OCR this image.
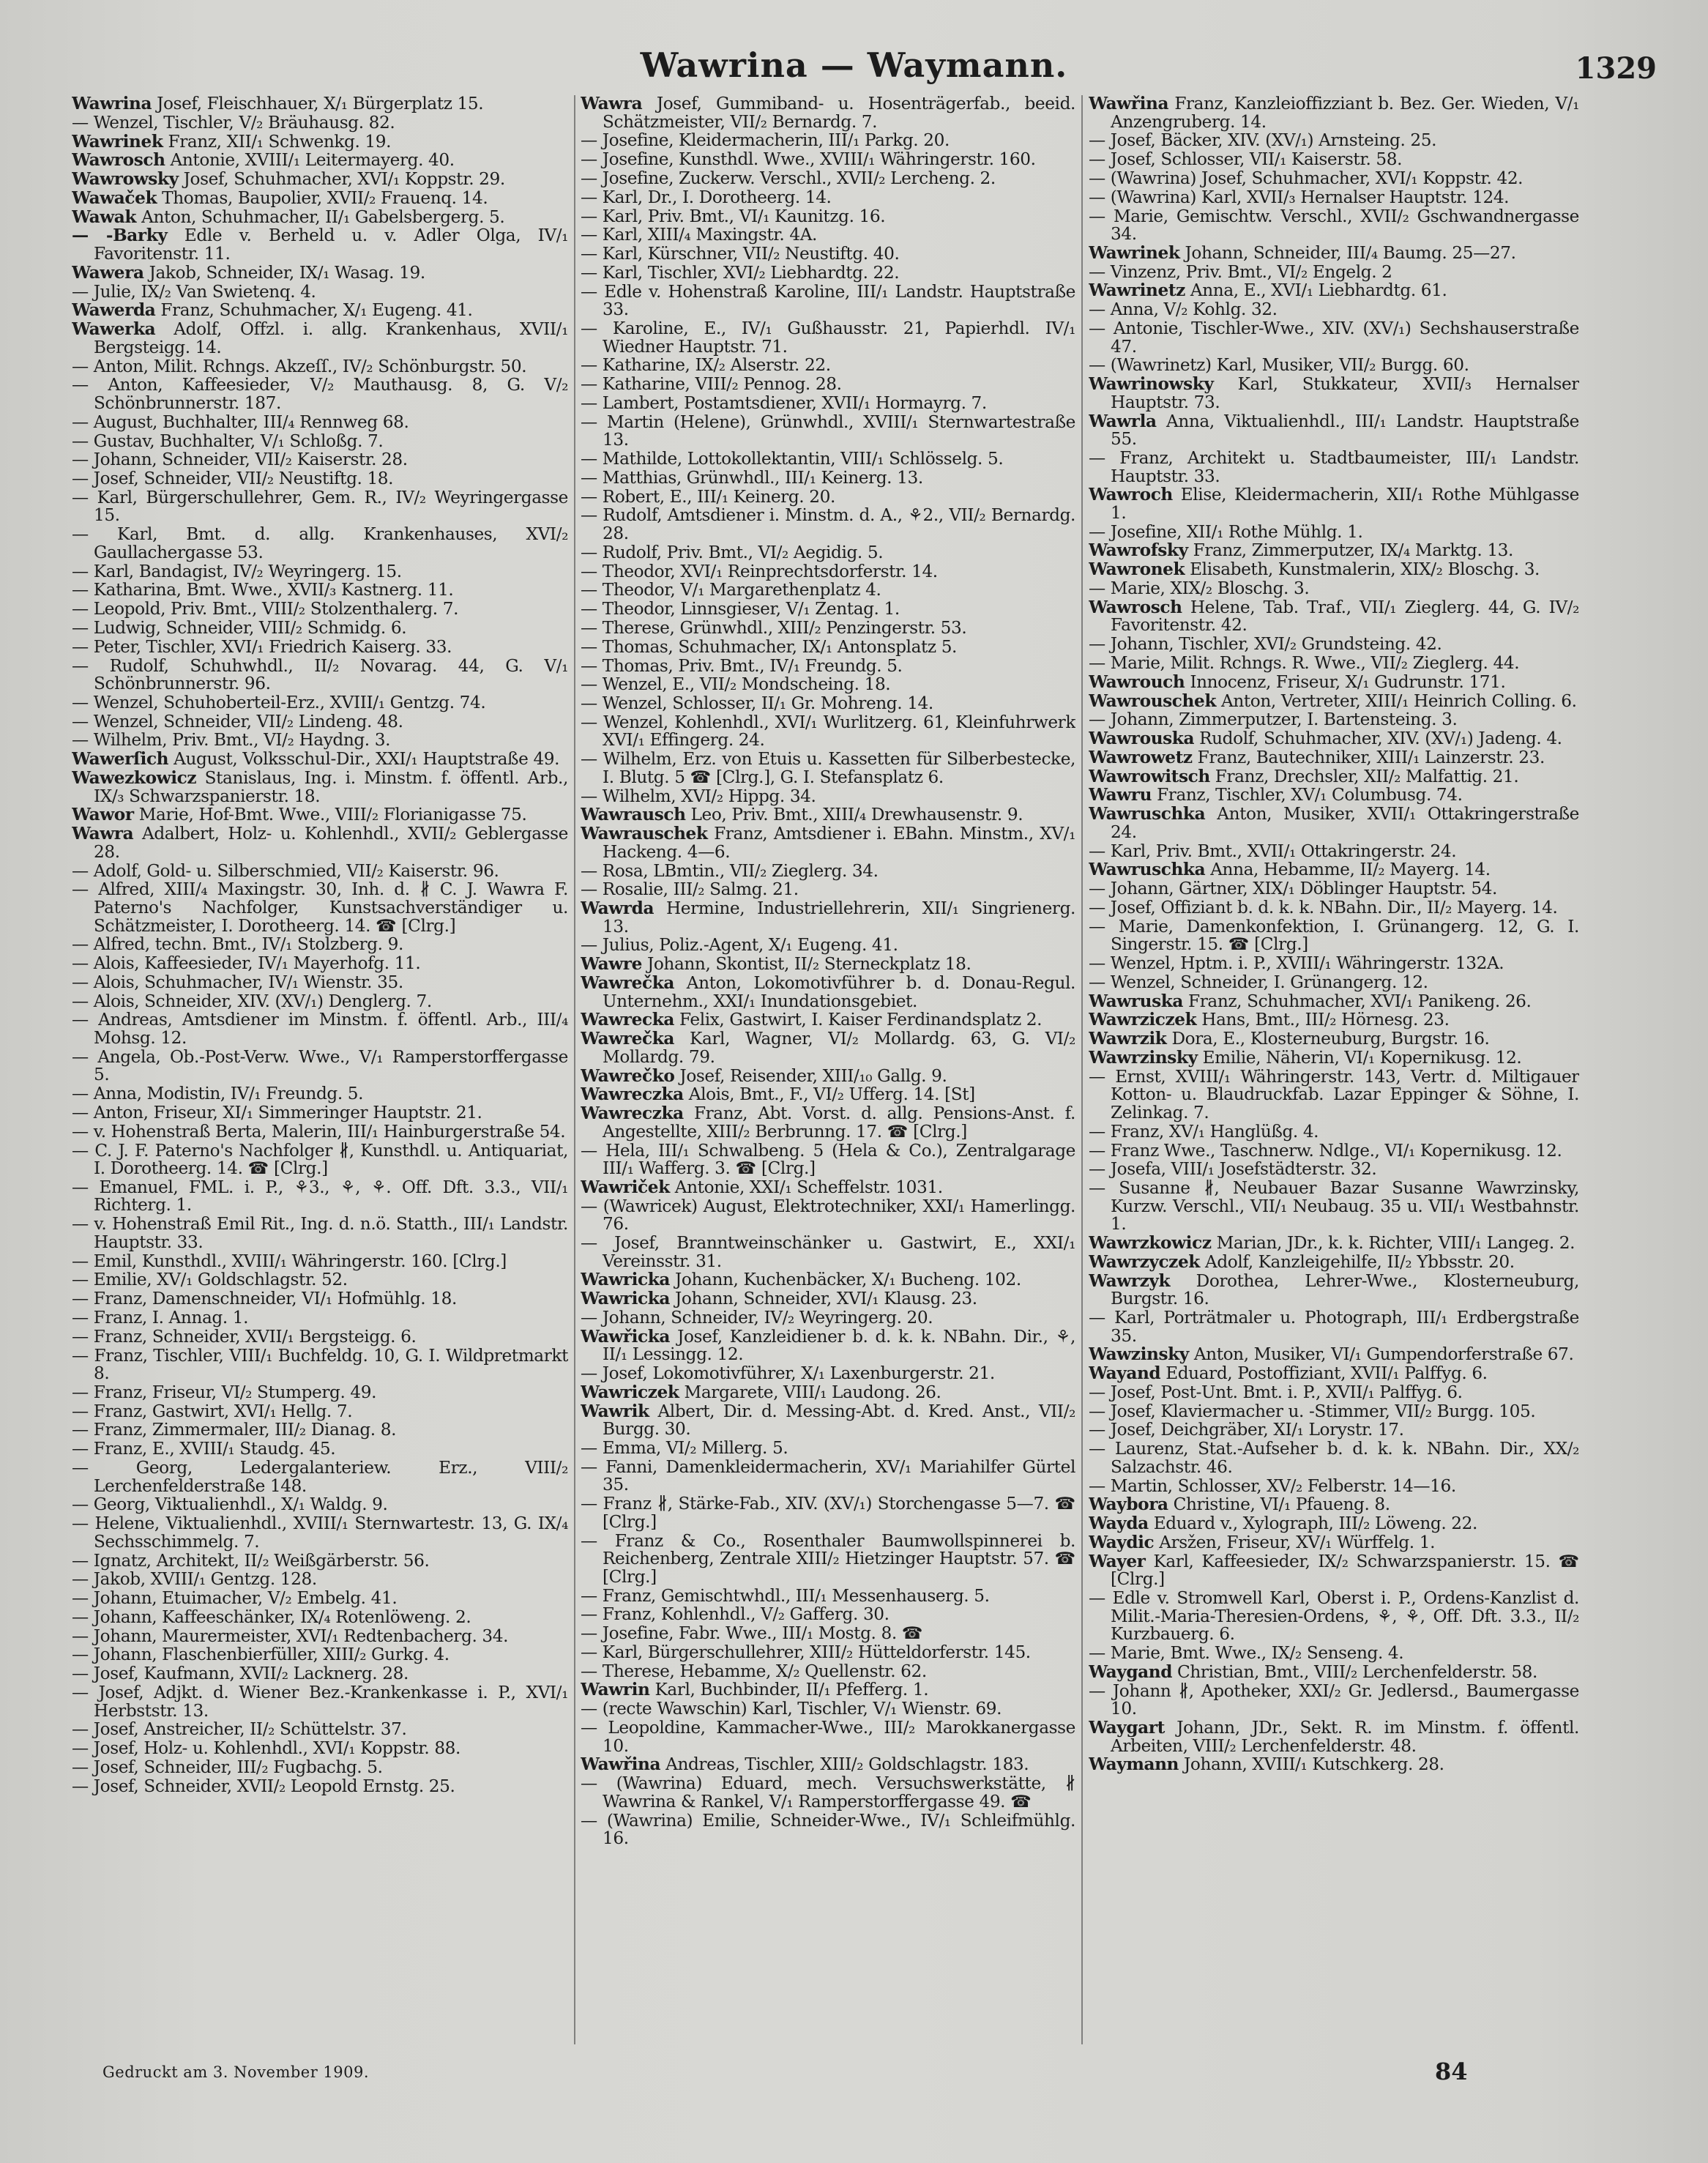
Wawrina — Waymann.	1329
Wawrina Josef, Fleischhauer, X/₁ Bürgerplatz 15.
— Wenzel, Tischler, V/₂ Bräuhausg. 82.
Wawrinek Franz, XII/₁ Schwenkg. 19.
Wawrosch Antonie, XVIII/₁ Leitermayerg. 40.
Wawrowsky Josef, Schuhmacher, XVI/₁ Koppstr. 29.
Wawaček Thomas, Baupolier, XVII/₂ Frauenq. 14.
Wawak Anton, Schuhmacher, II/₁ Gabelsbergerg. 5.
— -Barky Edle v. Berheld u. v. Adler Olga, IV/₁ Favoritenstr. 11.
Wawera Jakob, Schneider, IX/₁ Wasag. 19.
— Julie, IX/₂ Van Swietenq. 4.
Wawerda Franz, Schuhmacher, X/₁ Eugeng. 41.
Wawerka Adolf, Offzl. i. allg. Krankenhaus, XVII/₁ Bergsteigg. 14.
— Anton, Milit. Rchngs. Akzeſſ., IV/₂ Schönburgstr. 50.
— Anton, Kaffeesieder, V/₂ Mauthausg. 8, G. V/₂ Schönbrunnerstr. 187.
— August, Buchhalter, III/₄ Rennweg 68.
— Gustav, Buchhalter, V/₁ Schloßg. 7.
— Johann, Schneider, VII/₂ Kaiserstr. 28.
— Josef, Schneider, VII/₂ Neustiftg. 18.
— Karl, Bürgerschullehrer, Gem. R., IV/₂ Weyringergasse 15.
— Karl, Bmt. d. allg. Krankenhauses, XVI/₂ Gaullachergasse 53.
— Karl, Bandagist, IV/₂ Weyringerg. 15.
— Katharina, Bmt. Wwe., XVII/₃ Kastnerg. 11.
— Leopold, Priv. Bmt., VIII/₂ Stolzenthalerg. 7.
— Ludwig, Schneider, VIII/₂ Schmidg. 6.
— Peter, Tischler, XVI/₁ Friedrich Kaiserg. 33.
— Rudolf, Schuhwhdl., II/₂ Novarag. 44, G. V/₁ Schönbrunnerstr. 96.
— Wenzel, Schuhoberteil-Erz., XVIII/₁ Gentzg. 74.
— Wenzel, Schneider, VII/₂ Lindeng. 48.
— Wilhelm, Priv. Bmt., VI/₂ Haydng. 3.
Wawerſich August, Volksschul-Dir., XXI/₁ Hauptstraße 49.
Wawezkowicz Stanislaus, Ing. i. Minstm. f. öffentl. Arb., IX/₃ Schwarzspanierstr. 18.
Wawor Marie, Hof-Bmt. Wwe., VIII/₂ Florianigasse 75.
Wawra Adalbert, Holz- u. Kohlenhdl., XVII/₂ Geblergasse 28.
— Adolf, Gold- u. Silberschmied, VII/₂ Kaiserstr. 96.
— Alfred, XIII/₄ Maxingstr. 30, Inh. d. ∦ C. J. Wawra F. Paterno's Nachfolger, Kunstsachverständiger u. Schätzmeister, I. Dorotheerg. 14. ☎ [Clrg.]
— Alfred, techn. Bmt., IV/₁ Stolzberg. 9.
— Alois, Kaffeesieder, IV/₁ Mayerhofg. 11.
— Alois, Schuhmacher, IV/₁ Wienstr. 35.
— Alois, Schneider, XIV. (XV/₁) Denglerg. 7.
— Andreas, Amtsdiener im Minstm. f. öffentl. Arb., III/₄ Mohsg. 12.
— Angela, Ob.-Post-Verw. Wwe., V/₁ Ramperstorffergasse 5.
— Anna, Modistin, IV/₁ Freundg. 5.
— Anton, Friseur, XI/₁ Simmeringer Hauptstr. 21.
— v. Hohenstraß Berta, Malerin, III/₁ Hainburgerstraße 54.
— C. J. F. Paterno's Nachfolger ∦, Kunsthdl. u. Antiquariat, I. Dorotheerg. 14. ☎ [Clrg.]
— Emanuel, FML. i. P., ⚘3., ⚘, ⚘. Off. Dft. 3.3., VII/₁ Richterg. 1.
— v. Hohenstraß Emil Rit., Ing. d. n.ö. Statth., III/₁ Landstr. Hauptstr. 33.
— Emil, Kunsthdl., XVIII/₁ Währingerstr. 160. [Clrg.]
— Emilie, XV/₁ Goldschlagstr. 52.
— Franz, Damenschneider, VI/₁ Hofmühlg. 18.
— Franz, I. Annag. 1.
— Franz, Schneider, XVII/₁ Bergsteigg. 6.
— Franz, Tischler, VIII/₁ Buchfeldg. 10, G. I. Wildpretmarkt 8.
— Franz, Friseur, VI/₂ Stumperg. 49.
— Franz, Gastwirt, XVI/₁ Hellg. 7.
— Franz, Zimmermaler, III/₂ Dianag. 8.
— Franz, E., XVIII/₁ Staudg. 45.
— Georg, Ledergalanteriew. Erz., VIII/₂ Lerchenfelderstraße 148.
— Georg, Viktualienhdl., X/₁ Waldg. 9.
— Helene, Viktualienhdl., XVIII/₁ Sternwartestr. 13, G. IX/₄ Sechsschimmelg. 7.
— Ignatz, Architekt, II/₂ Weißgärberstr. 56.
— Jakob, XVIII/₁ Gentzg. 128.
— Johann, Etuimacher, V/₂ Embelg. 41.
— Johann, Kaffeeschänker, IX/₄ Rotenlöweng. 2.
— Johann, Maurermeister, XVI/₁ Redtenbacherg. 34.
— Johann, Flaschenbierfüller, XIII/₂ Gurkg. 4.
— Josef, Kaufmann, XVII/₂ Lacknerg. 28.
— Josef, Adjkt. d. Wiener Bez.-Krankenkasse i. P., XVI/₁ Herbststr. 13.
— Josef, Anstreicher, II/₂ Schüttelstr. 37.
— Josef, Holz- u. Kohlenhdl., XVI/₁ Koppstr. 88.
— Josef, Schneider, III/₂ Fugbachg. 5.
— Josef, Schneider, XVII/₂ Leopold Ernstg. 25.
Wawra Josef, Gummiband- u. Hosenträgerfab., beeid. Schätzmeister, VII/₂ Bernardg. 7.
— Josefine, Kleidermacherin, III/₁ Parkg. 20.
— Josefine, Kunsthdl. Wwe., XVIII/₁ Währingerstr. 160.
— Josefine, Zuckerw. Verschl., XVII/₂ Lercheng. 2.
— Karl, Dr., I. Dorotheerg. 14.
— Karl, Priv. Bmt., VI/₁ Kaunitzg. 16.
— Karl, XIII/₄ Maxingstr. 4A.
— Karl, Kürschner, VII/₂ Neustiftg. 40.
— Karl, Tischler, XVI/₂ Liebhardtg. 22.
— Edle v. Hohenstraß Karoline, III/₁ Landstr. Hauptstraße 33.
— Karoline, E., IV/₁ Gußhausstr. 21, Papierhdl. IV/₁ Wiedner Hauptstr. 71.
— Katharine, IX/₂ Alserstr. 22.
— Katharine, VIII/₂ Pennog. 28.
— Lambert, Postamtsdiener, XVII/₁ Hormayrg. 7.
— Martin (Helene), Grünwhdl., XVIII/₁ Sternwartestraße 13.
— Mathilde, Lottokollektantin, VIII/₁ Schlösselg. 5.
— Matthias, Grünwhdl., III/₁ Keinerg. 13.
— Robert, E., III/₁ Keinerg. 20.
— Rudolf, Amtsdiener i. Minstm. d. A., ⚘2., VII/₂ Bernardg. 28.
— Rudolf, Priv. Bmt., VI/₂ Aegidig. 5.
— Theodor, XVI/₁ Reinprechtsdorferstr. 14.
— Theodor, V/₁ Margarethenplatz 4.
— Theodor, Linnsgieser, V/₁ Zentag. 1.
— Therese, Grünwhdl., XIII/₂ Penzingerstr. 53.
— Thomas, Schuhmacher, IX/₁ Antonsplatz 5.
— Thomas, Priv. Bmt., IV/₁ Freundg. 5.
— Wenzel, E., VII/₂ Mondscheing. 18.
— Wenzel, Schlosser, II/₁ Gr. Mohreng. 14.
— Wenzel, Kohlenhdl., XVI/₁ Wurlitzerg. 61, Kleinfuhrwerk XVI/₁ Effingerg. 24.
— Wilhelm, Erz. von Etuis u. Kassetten für Silberbestecke, I. Blutg. 5 ☎ [Clrg.], G. I. Stefansplatz 6.
— Wilhelm, XVI/₂ Hippg. 34.
Wawrausch Leo, Priv. Bmt., XIII/₄ Drewhausenstr. 9.
Wawrauschek Franz, Amtsdiener i. EBahn. Minstm., XV/₁ Hackeng. 4—6.
— Rosa, LBmtin., VII/₂ Zieglerg. 34.
— Rosalie, III/₂ Salmg. 21.
Wawrda Hermine, Industriellehrerin, XII/₁ Singrienerg. 13.
— Julius, Poliz.-Agent, X/₁ Eugeng. 41.
Wawre Johann, Skontist, II/₂ Sterneckplatz 18.
Wawrečka Anton, Lokomotivführer b. d. Donau-Regul. Unternehm., XXI/₁ Inundationsgebiet.
Wawrecka Felix, Gastwirt, I. Kaiser Ferdinandsplatz 2.
Wawrečka Karl, Wagner, VI/₂ Mollardg. 63, G. VI/₂ Mollardg. 79.
Wawrečko Josef, Reisender, XIII/₁₀ Gallg. 9.
Wawreczka Alois, Bmt., F., VI/₂ Ufferg. 14. [St]
Wawreczka Franz, Abt. Vorst. d. allg. Pensions-Anst. f. Angestellte, XIII/₂ Berbrunng. 17. ☎ [Clrg.]
— Hela, III/₁ Schwalbeng. 5 (Hela & Co.), Zentralgarage III/₁ Wafferg. 3. ☎ [Clrg.]
Wawriček Antonie, XXI/₁ Scheffelstr. 1031.
— (Wawricek) August, Elektrotechniker, XXI/₁ Hamerlingg. 76.
— Josef, Branntweinschänker u. Gastwirt, E., XXI/₁ Vereinsstr. 31.
Wawricka Johann, Kuchenbäcker, X/₁ Bucheng. 102.
Wawricka Johann, Schneider, XVI/₁ Klausg. 23.
— Johann, Schneider, IV/₂ Weyringerg. 20.
Wawřicka Josef, Kanzleidiener b. d. k. k. NBahn. Dir., ⚘, II/₁ Lessingg. 12.
— Josef, Lokomotivführer, X/₁ Laxenburgerstr. 21.
Wawriczek Margarete, VIII/₁ Laudong. 26.
Wawrik Albert, Dir. d. Messing-Abt. d. Kred. Anst., VII/₂ Burgg. 30.
— Emma, VI/₂ Millerg. 5.
— Fanni, Damenkleidermacherin, XV/₁ Mariahilfer Gürtel 35.
— Franz ∦, Stärke-Fab., XIV. (XV/₁) Storchengasse 5—7. ☎ [Clrg.]
— Franz & Co., Rosenthaler Baumwollspinnerei b. Reichenberg, Zentrale XIII/₂ Hietzinger Hauptstr. 57. ☎ [Clrg.]
— Franz, Gemischtwhdl., III/₁ Messenhauserg. 5.
— Franz, Kohlenhdl., V/₂ Gafferg. 30.
— Josefine, Fabr. Wwe., III/₁ Mostg. 8. ☎
— Karl, Bürgerschullehrer, XIII/₂ Hütteldorferstr. 145.
— Therese, Hebamme, X/₂ Quellenstr. 62.
Wawrin Karl, Buchbinder, II/₁ Pfefferg. 1.
— (recte Wawschin) Karl, Tischler, V/₁ Wienstr. 69.
— Leopoldine, Kammacher-Wwe., III/₂ Marokkanergasse 10.
Wawřina Andreas, Tischler, XIII/₂ Goldschlagstr. 183.
— (Wawrina) Eduard, mech. Versuchswerkstätte, ∦ Wawrina & Rankel, V/₁ Ramperstorffergasse 49. ☎
— (Wawrina) Emilie, Schneider-Wwe., IV/₁ Schleifmühlg. 16.
Wawřina Franz, Kanzleioffizziant b. Bez. Ger. Wieden, V/₁ Anzengruberg. 14.
— Josef, Bäcker, XIV. (XV/₁) Arnsteing. 25.
— Josef, Schlosser, VII/₁ Kaiserstr. 58.
— (Wawrina) Josef, Schuhmacher, XVI/₁ Koppstr. 42.
— (Wawrina) Karl, XVII/₃ Hernalser Hauptstr. 124.
— Marie, Gemischtw. Verschl., XVII/₂ Gschwandnergasse 34.
Wawrinek Johann, Schneider, III/₄ Baumg. 25—27.
— Vinzenz, Priv. Bmt., VI/₂ Engelg. 2
Wawrinetz Anna, E., XVI/₁ Liebhardtg. 61.
— Anna, V/₂ Kohlg. 32.
— Antonie, Tischler-Wwe., XIV. (XV/₁) Sechshauserstraße 47.
— (Wawrinetz) Karl, Musiker, VII/₂ Burgg. 60.
Wawrinowsky Karl, Stukkateur, XVII/₃ Hernalser Hauptstr. 73.
Wawrla Anna, Viktualienhdl., III/₁ Landstr. Hauptstraße 55.
— Franz, Architekt u. Stadtbaumeister, III/₁ Landstr. Hauptstr. 33.
Wawroch Elise, Kleidermacherin, XII/₁ Rothe Mühlgasse 1.
— Josefine, XII/₁ Rothe Mühlg. 1.
Wawrofsky Franz, Zimmerputzer, IX/₄ Marktg. 13.
Wawronek Elisabeth, Kunstmalerin, XIX/₂ Bloschg. 3.
— Marie, XIX/₂ Bloschg. 3.
Wawrosch Helene, Tab. Traf., VII/₁ Zieglerg. 44, G. IV/₂ Favoritenstr. 42.
— Johann, Tischler, XVI/₂ Grundsteing. 42.
— Marie, Milit. Rchngs. R. Wwe., VII/₂ Zieglerg. 44.
Wawrouch Innocenz, Friseur, X/₁ Gudrunstr. 171.
Wawrouschek Anton, Vertreter, XIII/₁ Heinrich Colling. 6.
— Johann, Zimmerputzer, I. Bartensteing. 3.
Wawrouska Rudolf, Schuhmacher, XIV. (XV/₁) Jadeng. 4.
Wawrowetz Franz, Bautechniker, XIII/₁ Lainzerstr. 23.
Wawrowitsch Franz, Drechsler, XII/₂ Malfattig. 21.
Wawru Franz, Tischler, XV/₁ Columbusg. 74.
Wawruschka Anton, Musiker, XVII/₁ Ottakringerstraße 24.
— Karl, Priv. Bmt., XVII/₁ Ottakringerstr. 24.
Wawruschka Anna, Hebamme, II/₂ Mayerg. 14.
— Johann, Gärtner, XIX/₁ Döblinger Hauptstr. 54.
— Josef, Offiziant b. d. k. k. NBahn. Dir., II/₂ Mayerg. 14.
— Marie, Damenkonfektion, I. Grünangerg. 12, G. I. Singerstr. 15. ☎ [Clrg.]
— Wenzel, Hptm. i. P., XVIII/₁ Währingerstr. 132A.
— Wenzel, Schneider, I. Grünangerg. 12.
Wawruska Franz, Schuhmacher, XVI/₁ Panikeng. 26.
Wawrziczek Hans, Bmt., III/₂ Hörnesg. 23.
Wawrzik Dora, E., Klosterneuburg, Burgstr. 16.
Wawrzinsky Emilie, Näherin, VI/₁ Kopernikusg. 12.
— Ernst, XVIII/₁ Währingerstr. 143, Vertr. d. Miltigauer Kotton- u. Blaudruckfab. Lazar Eppinger & Söhne, I. Zelinkag. 7.
— Franz, XV/₁ Hanglüßg. 4.
— Franz Wwe., Taschnerw. Ndlge., VI/₁ Kopernikusg. 12.
— Josefa, VIII/₁ Josefstädterstr. 32.
— Susanne ∦, Neubauer Bazar Susanne Wawrzinsky, Kurzw. Verschl., VII/₁ Neubaug. 35 u. VII/₁ Westbahnstr. 1.
Wawrzkowicz Marian, JDr., k. k. Richter, VIII/₁ Langeg. 2.
Wawrzyczek Adolf, Kanzleigehilfe, II/₂ Ybbsstr. 20.
Wawrzyk Dorothea, Lehrer-Wwe., Klosterneuburg, Burgstr. 16.
— Karl, Porträtmaler u. Photograph, III/₁ Erdbergstraße 35.
Wawzinsky Anton, Musiker, VI/₁ Gumpendorferstraße 67.
Wayand Eduard, Postoffiziant, XVII/₁ Palffyg. 6.
— Josef, Post-Unt. Bmt. i. P., XVII/₁ Palffyg. 6.
— Josef, Klaviermacher u. -Stimmer, VII/₂ Burgg. 105.
— Josef, Deichgräber, XI/₁ Lorystr. 17.
— Laurenz, Stat.-Aufseher b. d. k. k. NBahn. Dir., XX/₂ Salzachstr. 46.
— Martin, Schlosser, XV/₂ Felberstr. 14—16.
Waybora Christine, VI/₁ Pfaueng. 8.
Wayda Eduard v., Xylograph, III/₂ Löweng. 22.
Waydic Arsžen, Friseur, XV/₁ Würffelg. 1.
Wayer Karl, Kaffeesieder, IX/₂ Schwarzspanierstr. 15. ☎ [Clrg.]
— Edle v. Stromwell Karl, Oberst i. P., Ordens-Kanzlist d. Milit.-Maria-Theresien-Ordens, ⚘, ⚘, Off. Dft. 3.3., II/₂ Kurzbauerg. 6.
— Marie, Bmt. Wwe., IX/₂ Senseng. 4.
Waygand Christian, Bmt., VIII/₂ Lerchenfelderstr. 58.
— Johann ∦, Apotheker, XXI/₂ Gr. Jedlersd., Baumergasse 10.
Waygart Johann, JDr., Sekt. R. im Minstm. f. öffentl. Arbeiten, VIII/₂ Lerchenfelderstr. 48.
Waymann Johann, XVIII/₁ Kutschkerg. 28.
Gedruckt am 3. November 1909.	84
